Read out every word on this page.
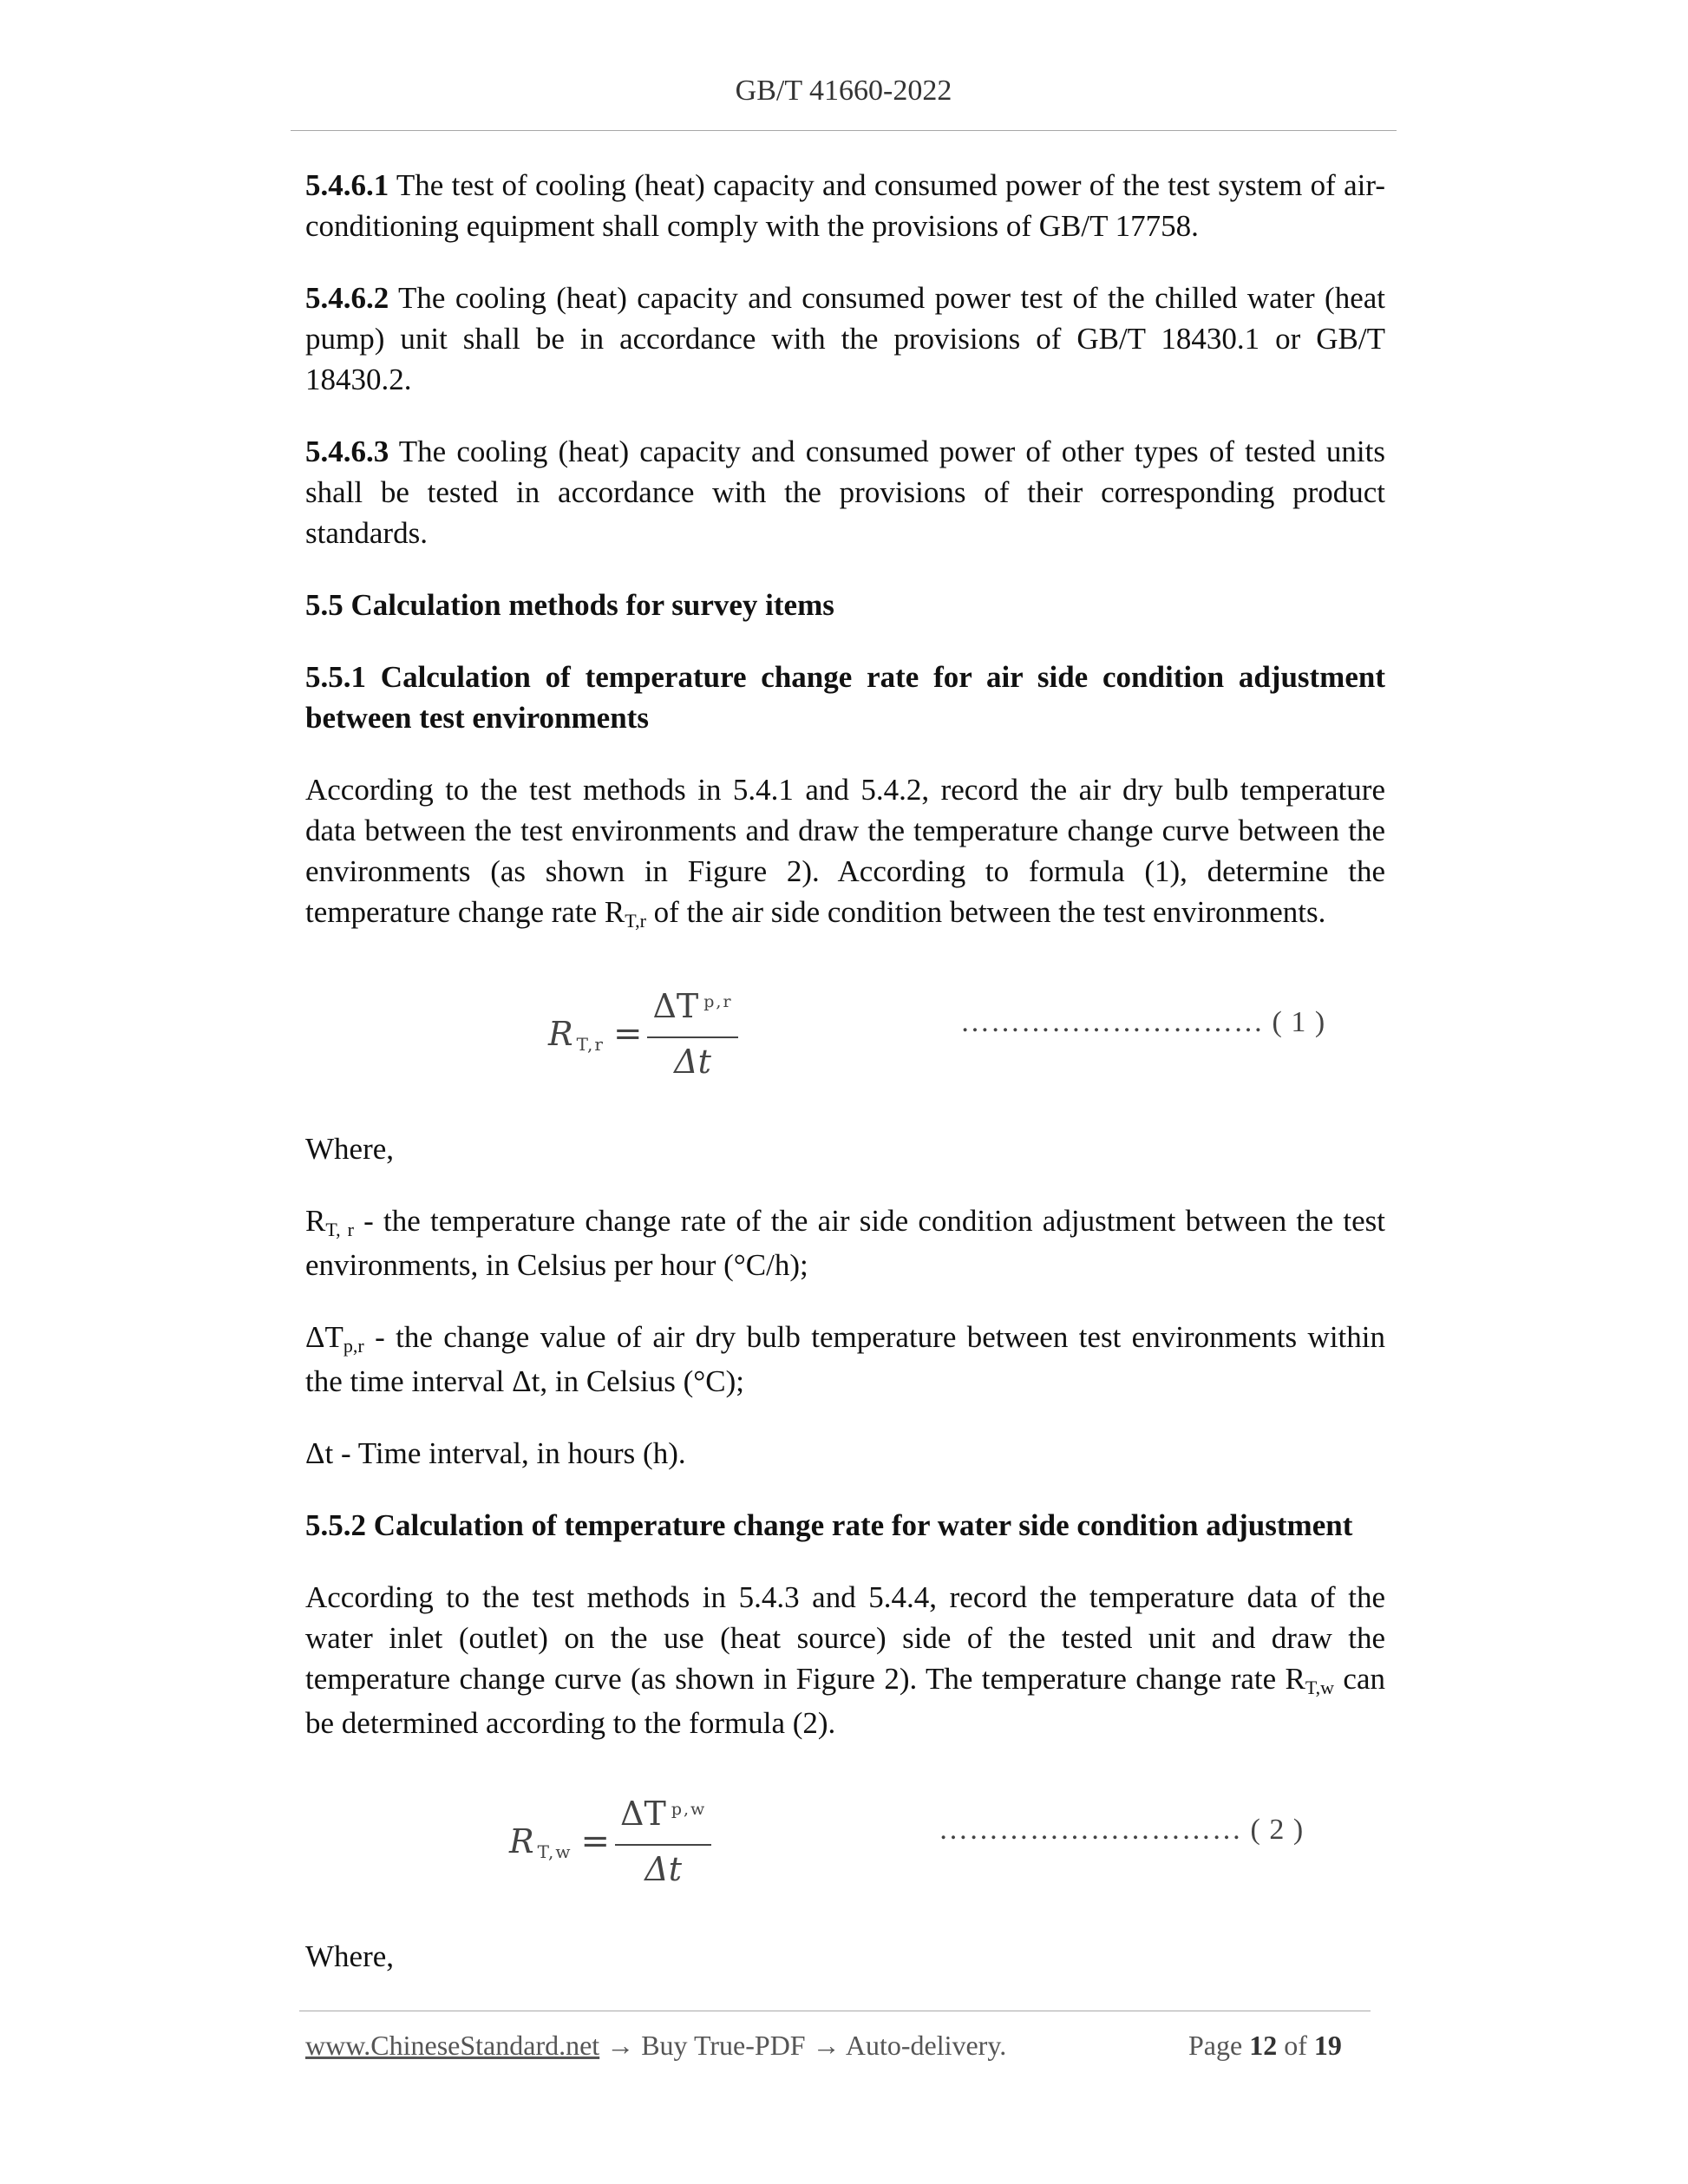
GB/T 41660-2022

5.4.6.1 The test of cooling (heat) capacity and consumed power of the test system of air-conditioning equipment shall comply with the provisions of GB/T 17758.

5.4.6.2 The cooling (heat) capacity and consumed power test of the chilled water (heat pump) unit shall be in accordance with the provisions of GB/T 18430.1 or GB/T 18430.2.

5.4.6.3 The cooling (heat) capacity and consumed power of other types of tested units shall be tested in accordance with the provisions of their corresponding product standards.

5.5 Calculation methods for survey items

5.5.1 Calculation of temperature change rate for air side condition adjustment between test environments

According to the test methods in 5.4.1 and 5.4.2, record the air dry bulb temperature data between the test environments and draw the temperature change curve between the environments (as shown in Figure 2). According to formula (1), determine the temperature change rate RT,r of the air side condition between the test environments.

R $T,r = \frac{\Delta T ^{p,r}}{\Delta t}$	………………………… ( 1 )

Where,

RT, r - the temperature change rate of the air side condition adjustment between the test environments, in Celsius per hour (°C/h);

ΔTp,r - the change value of air dry bulb temperature between test environments within the time interval Δt, in Celsius (°C);

Δt - Time interval, in hours (h).

5.5.2 Calculation of temperature change rate for water side condition adjustment

According to the test methods in 5.4.3 and 5.4.4, record the temperature data of the water inlet (outlet) on the use (heat source) side of the tested unit and draw the temperature change curve (as shown in Figure 2). The temperature change rate RT,w can be determined according to the formula (2).

R $T,w = \frac{\Delta T ^{p,w}}{\Delta t}$	………………………… ( 2 )

Where,

www.ChineseStandard.net → Buy True-PDF → Auto-delivery.	Page 12 of 19
